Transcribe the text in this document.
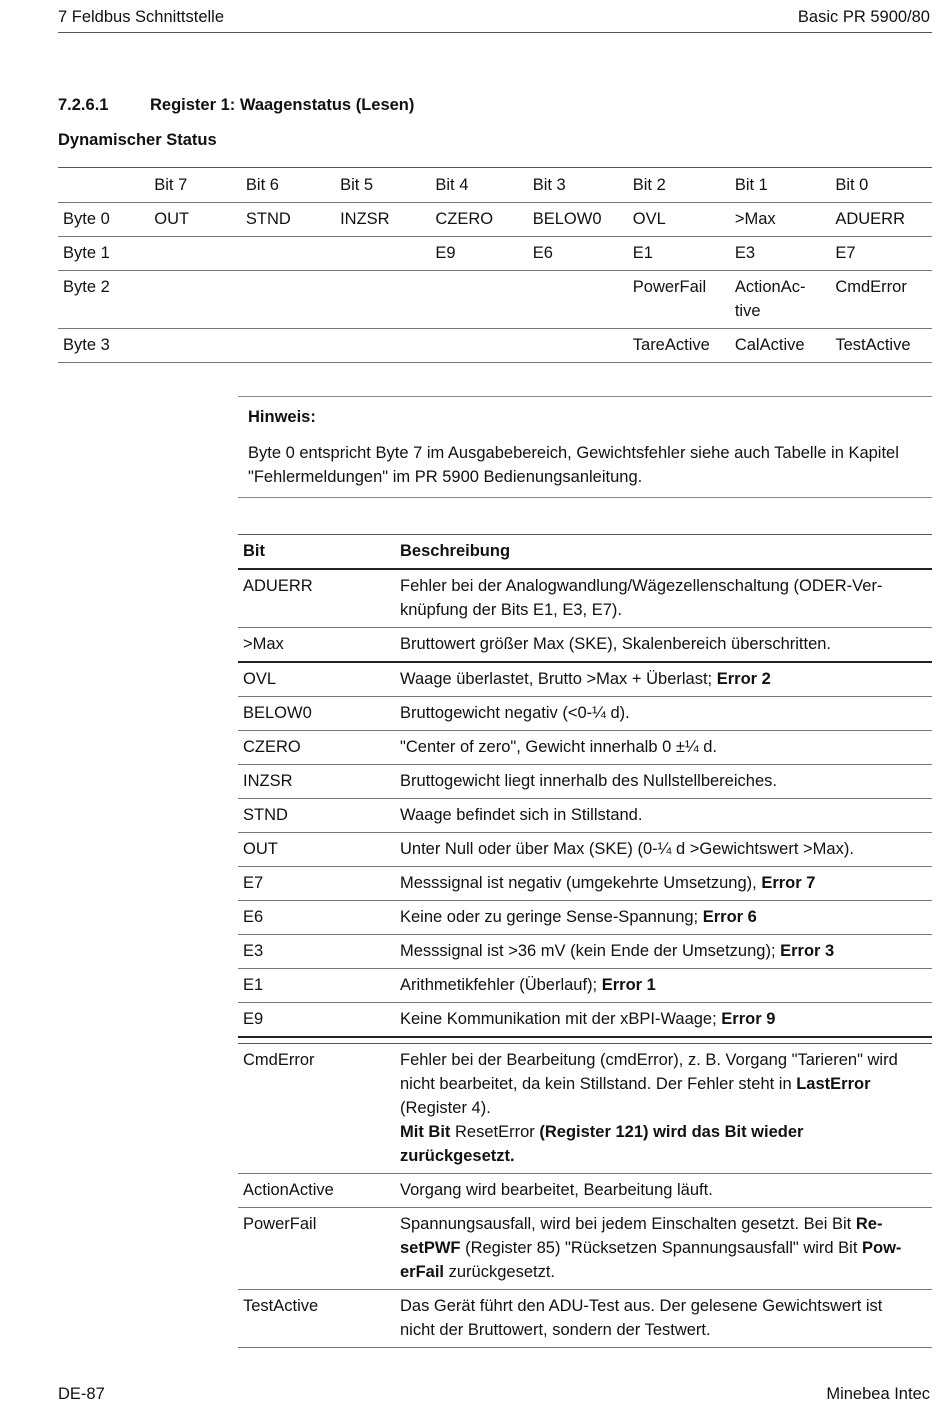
7 Feldbus Schnittstelle	Basic PR 5900/80
7.2.6.1	Register 1: Waagenstatus (Lesen)
Dynamischer Status
	Bit 7	Bit 6	Bit 5	Bit 4	Bit 3	Bit 2	Bit 1	Bit 0
Byte 0	OUT	STND	INZSR	CZERO	BELOW0	OVL	>Max	ADUERR
Byte 1				E9	E6	E1	E3	E7
Byte 2						PowerFail	ActionAc-tive	CmdError
Byte 3						TareActive	CalActive	TestActive
Hinweis:
Byte 0 entspricht Byte 7 im Ausgabebereich, Gewichtsfehler siehe auch Tabelle in Kapitel "Fehlermeldungen" im PR 5900 Bedienungsanleitung.
Bit	Beschreibung
ADUERR	Fehler bei der Analogwandlung/Wägezellenschaltung (ODER-Ver-knüpfung der Bits E1, E3, E7).
>Max	Bruttowert größer Max (SKE), Skalenbereich überschritten.
OVL	Waage überlastet, Brutto >Max + Überlast; Error 2
BELOW0	Bruttogewicht negativ (<0-¼ d).
CZERO	"Center of zero", Gewicht innerhalb 0 ±¼ d.
INZSR	Bruttogewicht liegt innerhalb des Nullstellbereiches.
STND	Waage befindet sich in Stillstand.
OUT	Unter Null oder über Max (SKE) (0-¼ d >Gewichtswert >Max).
E7	Messsignal ist negativ (umgekehrte Umsetzung), Error 7
E6	Keine oder zu geringe Sense-Spannung; Error 6
E3	Messsignal ist >36 mV (kein Ende der Umsetzung); Error 3
E1	Arithmetikfehler (Überlauf); Error 1
E9	Keine Kommunikation mit der xBPI-Waage; Error 9

CmdError	Fehler bei der Bearbeitung (cmdError), z. B. Vorgang "Tarieren" wird nicht bearbeitet, da kein Stillstand. Der Fehler steht in LastError (Register 4).
Mit Bit ResetError (Register 121) wird das Bit wieder zurückgesetzt.
ActionActive	Vorgang wird bearbeitet, Bearbeitung läuft.
PowerFail	Spannungsausfall, wird bei jedem Einschalten gesetzt. Bei Bit Re-setPWF (Register 85) "Rücksetzen Spannungsausfall" wird Bit Pow-erFail zurückgesetzt.
TestActive	Das Gerät führt den ADU-Test aus. Der gelesene Gewichtswert ist nicht der Bruttowert, sondern der Testwert.
DE-87	Minebea Intec
